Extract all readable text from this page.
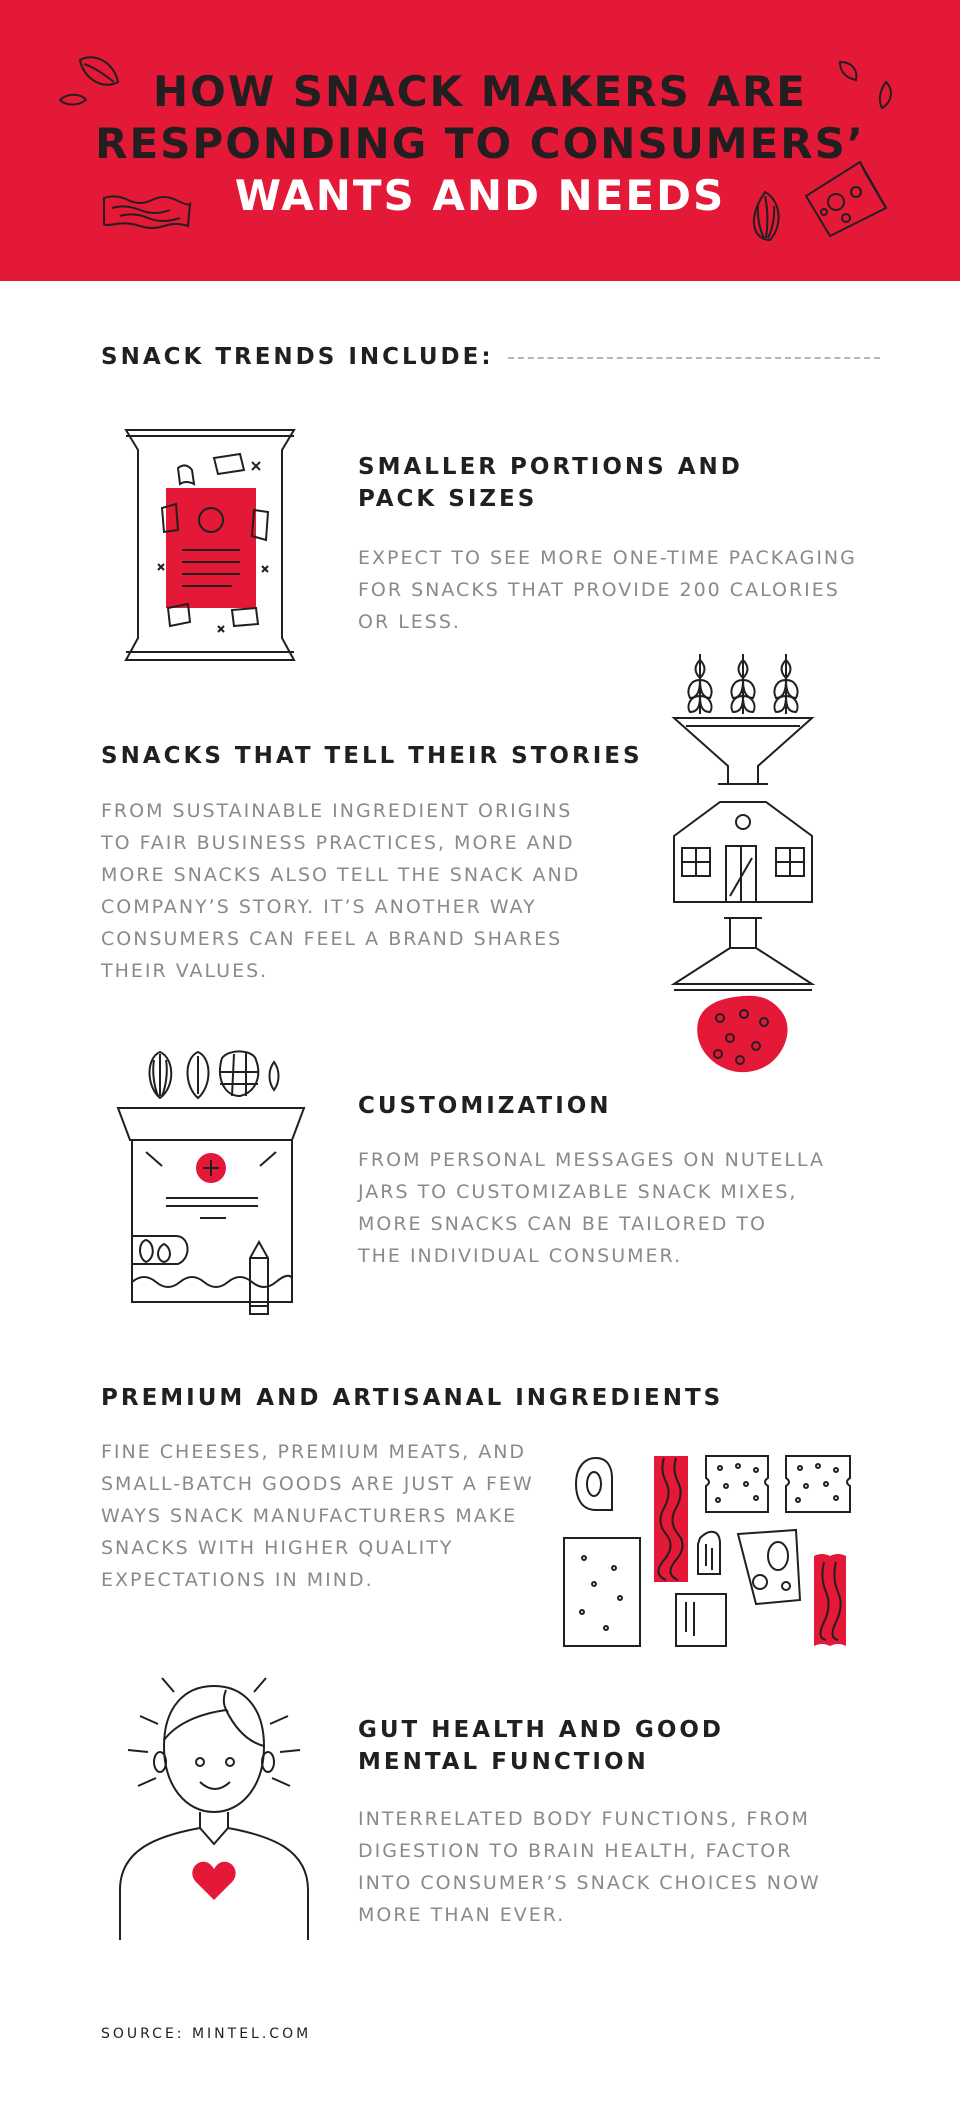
HOW SNACK MAKERS ARE
RESPONDING TO CONSUMERS’
WANTS AND NEEDS
SNACK TRENDS INCLUDE:
SMALLER PORTIONS AND
PACK SIZES
EXPECT TO SEE MORE ONE-TIME PACKAGING
FOR SNACKS THAT PROVIDE 200 CALORIES
OR LESS.
SNACKS THAT TELL THEIR STORIES
FROM SUSTAINABLE INGREDIENT ORIGINS
TO FAIR BUSINESS PRACTICES, MORE AND
MORE SNACKS ALSO TELL THE SNACK AND
COMPANY’S STORY. IT’S ANOTHER WAY
CONSUMERS CAN FEEL A BRAND SHARES
THEIR VALUES.
CUSTOMIZATION
FROM PERSONAL MESSAGES ON NUTELLA
JARS TO CUSTOMIZABLE SNACK MIXES,
MORE SNACKS CAN BE TAILORED TO
THE INDIVIDUAL CONSUMER.
PREMIUM AND ARTISANAL INGREDIENTS
FINE CHEESES, PREMIUM MEATS, AND
SMALL-BATCH GOODS ARE JUST A FEW
WAYS SNACK MANUFACTURERS MAKE
SNACKS WITH HIGHER QUALITY
EXPECTATIONS IN MIND.
GUT HEALTH AND GOOD
MENTAL FUNCTION
INTERRELATED BODY FUNCTIONS, FROM
DIGESTION TO BRAIN HEALTH, FACTOR
INTO CONSUMER’S SNACK CHOICES NOW
MORE THAN EVER.
SOURCE: MINTEL.COM
